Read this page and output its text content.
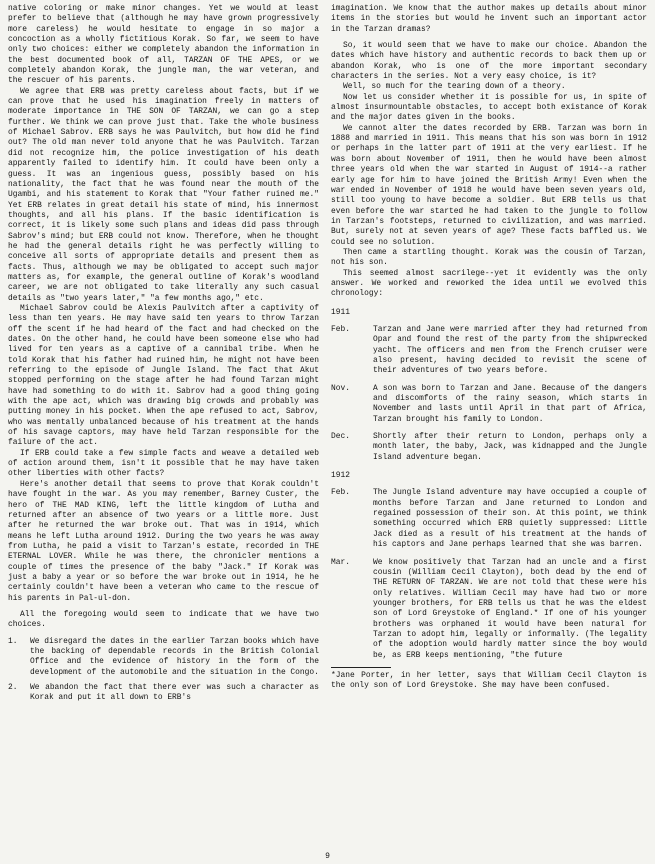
native coloring or make minor changes. Yet we would at least prefer to believe that (although he may have grown progressively more careless) he would hesitate to engage in so major a concoction as a wholly fictitious Korak. So far, we seem to have only two choices: either we completely abandon the information in the best documented book of all, TARZAN OF THE APES, or we completely abandon Korak, the jungle man, the war veteran, and the rescuer of his parents.

We agree that ERB was pretty careless about facts, but if we can prove that he used his imagination freely in matters of moderate importance in THE SON OF TARZAN, we can go a step further. We think we can prove just that. Take the whole business of Michael Sabrov. ERB says he was Paulvitch, but how did he find out? The old man never told anyone that he was Paulvitch. Tarzan did not recognize him, the police investigation of his death apparently failed to identify him. It could have been only a guess. It was an ingenious guess, possibly based on his nationality, the fact that he was found near the mouth of the Ugambi, and his statement to Korak that "Your father ruined me." Yet ERB relates in great detail his state of mind, his innermost thoughts, and all his plans. If the basic identification is correct, it is likely some such plans and ideas did pass through Sabrov's mind; but ERB could not know. Therefore, when he thought he had the general details right he was perfectly willing to conceive all sorts of appropriate details and present them as facts. Thus, although we may be obligated to accept such major matters as, for example, the general outline of Korak's woodland career, we are not obligated to take literally any such casual details as "two years later," "a few months ago," etc.

Michael Sabrov could be Alexis Paulvitch after a captivity of less than ten years. He may have said ten years to throw Tarzan off the scent if he had heard of the fact and had checked on the dates. On the other hand, he could have been someone else who had lived for ten years as a captive of a cannibal tribe. When he told Korak that his father had ruined him, he might not have been referring to the episode of Jungle Island. The fact that Akut stopped performing on the stage after he had found Tarzan might have had something to do with it. Sabrov had a good thing going with the ape act, which was drawing big crowds and probably was putting money in his pocket. When the ape refused to act, Sabrov, who was mentally unbalanced because of his treatment at the hands of his savage captors, may have held Tarzan responsible for the failure of the act.

If ERB could take a few simple facts and weave a detailed web of action around them, isn't it possible that he may have taken other liberties with other facts?

Here's another detail that seems to prove that Korak couldn't have fought in the war. As you may remember, Barney Custer, the hero of THE MAD KING, left the little kingdom of Lutha and returned after an absence of two years or a little more. Just after he returned the war broke out. That was in 1914, which means he left Lutha around 1912. During the two years he was away from Lutha, he paid a visit to Tarzan's estate, recorded in THE ETERNAL LOVER. While he was there, the chronicler mentions a couple of times the presence of the baby "Jack." If Korak was just a baby a year or so before the war broke out in 1914, he he certainly couldn't have been a veteran who came to the rescue of his parents in Pal-ul-don.

All the foregoing would seem to indicate that we have two choices.

1.	We disregard the dates in the earlier Tarzan books which have the backing of dependable records in the British Colonial Office and the evidence of history in the form of the development of the automobile and the situation in the Congo.
2.	We abandon the fact that there ever was such a character as Korak and put it all down to ERB's

imagination. We know that the author makes up details about minor items in the stories but would he invent such an important actor in the Tarzan dramas?

So, it would seem that we have to make our choice. Abandon the dates which have history and authentic records to back them up or abandon Korak, who is one of the more important secondary characters in the series. Not a very easy choice, is it?

Well, so much for the tearing down of a theory.

Now let us consider whether it is possible for us, in spite of almost insurmountable obstacles, to accept both existance of Korak and the major dates given in the books.

We cannot alter the dates recorded by ERB. Tarzan was born in 1888 and married in 1911. This means that his son was born in 1912 or perhaps in the latter part of 1911 at the very earliest. If he was born about November of 1911, then he would have been almost three years old when the war started in August of 1914--a rather early age for him to have joined the British Army! Even when the war ended in November of 1918 he would have been seven years old, still too young to have become a soldier. But ERB tells us that even before the war started he had taken to the jungle to follow in Tarzan's footsteps, returned to civilization, and was married. But, surely not at seven years of age? These facts baffled us. We could see no solution.

Then came a startling thought. Korak was the cousin of Tarzan, not his son.

This seemed almost sacrilege--yet it evidently was the only answer. We worked and reworked the idea until we evolved this chronology:

1911
Feb.	Tarzan and Jane were married after they had returned from Opar and found the rest of the party from the shipwrecked yacht. The officers and men from the French cruiser were also present, having decided to revisit the scene of their adventures of two years before.
Nov.	A son was born to Tarzan and Jane. Because of the dangers and discomforts of the rainy season, which starts in November and lasts until April in that part of Africa, Tarzan brought his family to London.
Dec.	Shortly after their return to London, perhaps only a month later, the baby, Jack, was kidnapped and the Jungle Island adventure began.
1912
Feb.	The Jungle Island adventure may have occupied a couple of months before Tarzan and Jane returned to London and regained possession of their son. At this point, we think something occurred which ERB quietly suppressed: Little Jack died as a result of his treatment at the hands of his captors and Jane perhaps learned that she was barren.
Mar.	We know positively that Tarzan had an uncle and a first cousin (William Cecil Clayton), both dead by the end of THE RETURN OF TARZAN. We are not told that these were his only relatives. William Cecil may have had two or more younger brothers, for ERB tells us that he was the eldest son of Lord Greystoke of England.* If one of his younger brothers was orphaned it would have been natural for Tarzan to adopt him, legally or informally. (The legality of the adoption would hardly matter since the boy would be, as ERB keeps mentioning, "the future

*Jane Porter, in her letter, says that William Cecil Clayton is the only son of Lord Greystoke. She may have been confused.

9
